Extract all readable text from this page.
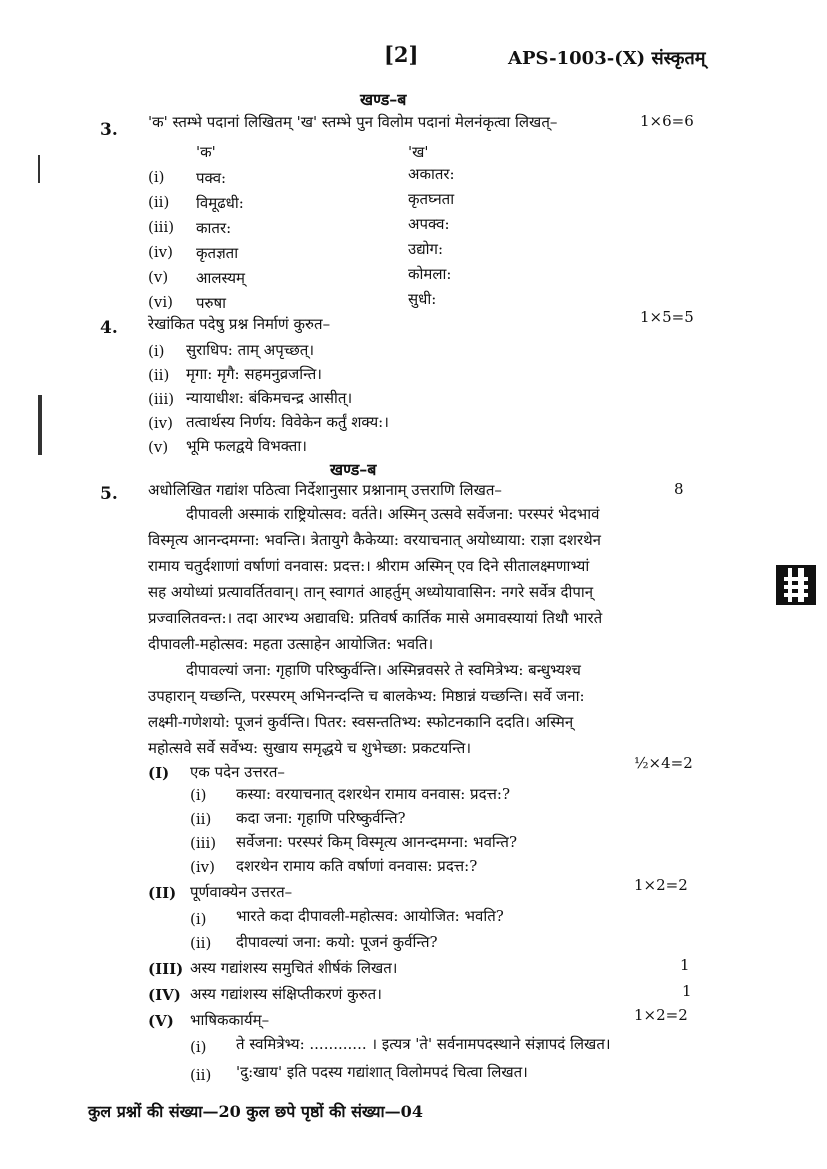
[2]	APS-1003-(X) संस्कृतम्
खण्ड–ब
3. 'क' स्तम्भे पदानां लिखितम् 'ख' स्तम्भे पुन विलोम पदानां मेलनंकृत्वा लिखत्–	1×6=6
'क'	'ख'
(i) पक्व:	अकातर:
(ii) विमूढधी:	कृतघ्नता
(iii) कातर:	अपक्व:
(iv) कृतज्ञता	उद्योग:
(v) आलस्यम्	कोमला:
(vi) परुषा	सुधी:
4. रेखांकित पदेषु प्रश्न निर्माणं कुरुत–	1×5=5
(i) सुराधिप: ताम् अपृच्छत्।
(ii) मृगा: मृगै: सहमनुव्रजन्ति।
(iii) न्यायाधीश: बंकिमचन्द्र आसीत्।
(iv) तत्वार्थस्य निर्णय: विवेकेन कर्तुं शक्य:।
(v) भूमि फलद्वये विभक्ता।
खण्ड–ब
5. अधोलिखित गद्यांश पठित्वा निर्देशानुसार प्रश्नानाम् उत्तराणि लिखत–	8
दीपावली अस्माकं राष्ट्रियोत्सव: वर्तते। अस्मिन् उत्सवे सर्वेजना: परस्परं भेदभावं
विस्मृत्य आनन्दमग्ना: भवन्ति। त्रेतायुगे कैकेय्या: वरयाचनात् अयोध्याया: राज्ञा दशरथेन
रामाय चतुर्दशाणां वर्षाणां वनवास: प्रदत्त:। श्रीराम अस्मिन् एव दिने सीतालक्ष्मणाभ्यां
सह अयोध्यां प्रत्यावर्तितवान्। तान् स्वागतं आहर्तुम् अध्योयावासिन: नगरे सर्वेत्र दीपान्
प्रज्वालितवन्त:। तदा आरभ्य अद्यावधि: प्रतिवर्ष कार्तिक मासे अमावस्यायां तिथौ भारते
दीपावली-महोत्सव: महता उत्साहेन आयोजित: भवति।
दीपावल्यां जना: गृहाणि परिष्कुर्वन्ति। अस्मिन्नवसरे ते स्वमित्रेभ्य: बन्धुभ्यश्च
उपहारान् यच्छन्ति, परस्परम् अभिनन्दन्ति च बालकेभ्य: मिष्ठान्नं यच्छन्ति। सर्वे जना:
लक्ष्मी-गणेशयो: पूजनं कुर्वन्ति। पितर: स्वसन्ततिभ्य: स्फोटनकानि ददति। अस्मिन्
महोत्सवे सर्वे सर्वेभ्य: सुखाय समृद्धये च शुभेच्छा: प्रकटयन्ति।
(I) एक पदेन उत्तरत–	½×4=2
(i) कस्या: वरयाचनात् दशरथेन रामाय वनवास: प्रदत्त:?
(ii) कदा जना: गृहाणि परिष्कुर्वन्ति?
(iii) सर्वेजना: परस्परं किम् विस्मृत्य आनन्दमग्ना: भवन्ति?
(iv) दशरथेन रामाय कति वर्षाणां वनवास: प्रदत्त:?
(II) पूर्णवाक्येन उत्तरत–	1×2=2
(i) भारते कदा दीपावली-महोत्सव: आयोजित: भवति?
(ii) दीपावल्यां जना: कयो: पूजनं कुर्वन्ति?
(III) अस्य गद्यांशस्य समुचितं शीर्षकं लिखत।	1
(IV) अस्य गद्यांशस्य संक्षिप्तीकरणं कुरुत।	1
(V) भाषिककार्यम्–	1×2=2
(i) ते स्वमित्रेभ्य: ............ । इत्यत्र 'ते' सर्वनामपदस्थाने संज्ञापदं लिखत।
(ii) 'दु:खाय' इति पदस्य गद्यांशात् विलोमपदं चित्वा लिखत।
कुल प्रश्नों की संख्या—20 कुल छपे पृष्ठों की संख्या—04
